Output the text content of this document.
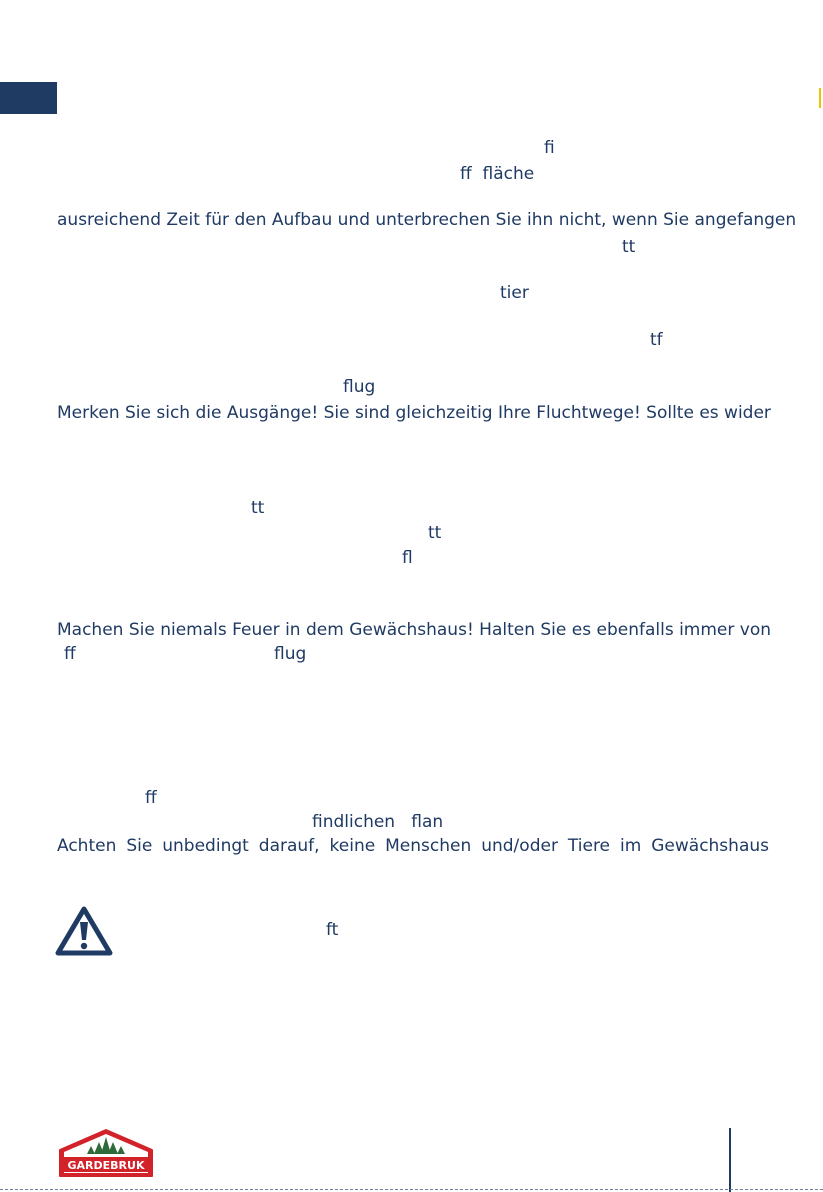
fi
ff  fläche
ausreichend Zeit für den Aufbau und unterbrechen Sie ihn nicht, wenn Sie angefangen
tt
tier
tf
flug
Merken Sie sich die Ausgänge! Sie sind gleichzeitig Ihre Fluchtwege! Sollte es wider
tt
tt
fl
Machen Sie niemals Feuer in dem Gewächshaus! Halten Sie es ebenfalls immer von
ff	flug
ff
findlichen   flan
Achten Sie unbedingt darauf, keine Menschen und/oder Tiere im Gewächshaus
ft
GARDEBRUK
